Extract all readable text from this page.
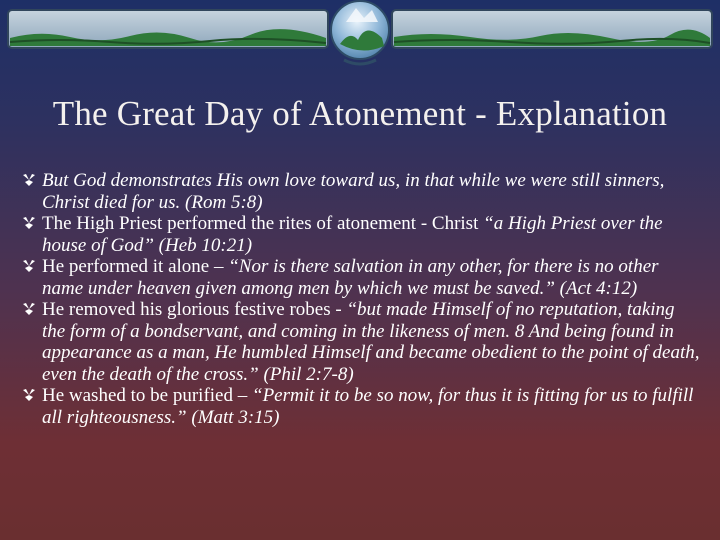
The Great Day of Atonement - Explanation
But God demonstrates His own love toward us, in that while we were still sinners, Christ died for us. (Rom 5:8)
The High Priest performed the rites of atonement - Christ “a High Priest over the house of God” (Heb 10:21)
He performed it alone – “Nor is there salvation in any other, for there is no other name under heaven given among men by which we must be saved.” (Act 4:12)
He removed his glorious festive robes - “but made Himself of no reputation, taking the form of a bondservant, and coming in the likeness of men. 8 And being found in appearance as a man, He humbled Himself and became obedient to the point of death, even the death of the cross.” (Phil 2:7-8)
He washed to be purified – “Permit it to be so now, for thus it is fitting for us to fulfill all righteousness.” (Matt 3:15)
